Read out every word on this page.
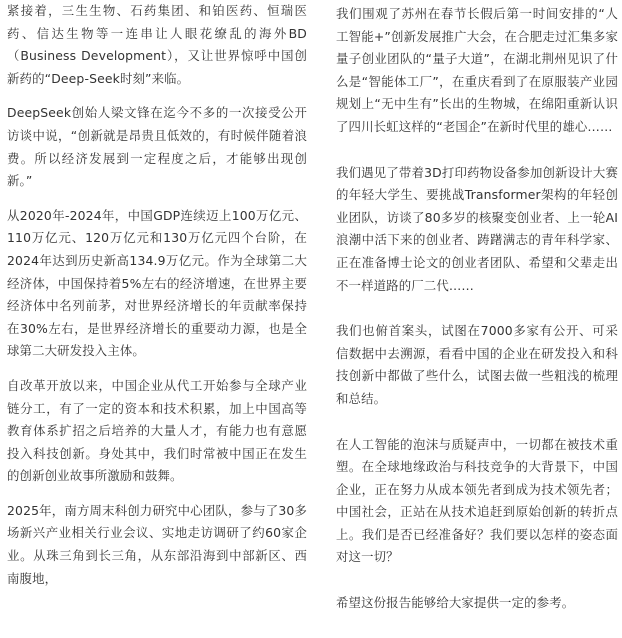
紧接着，三生生物、石药集团、和铂医药、恒瑞医药、信达生物等一连串让人眼花缭乱的海外BD（Business Development），又让世界惊呼中国创新药的“Deep-Seek时刻”来临。

DeepSeek创始人梁文锋在迄今不多的一次接受公开访谈中说，“创新就是昂贵且低效的，有时候伴随着浪费。所以经济发展到一定程度之后，才能够出现创新。”

从2020年-2024年，中国GDP连续迈上100万亿元、110万亿元、120万亿元和130万亿元四个台阶，在2024年达到历史新高134.9万亿元。作为全球第二大经济体，中国保持着5%左右的经济增速，在世界主要经济体中名列前茅，对世界经济增长的年贡献率保持在30%左右，是世界经济增长的重要动力源，也是全球第二大研发投入主体。

自改革开放以来，中国企业从代工开始参与全球产业链分工，有了一定的资本和技术积累，加上中国高等教育体系扩招之后培养的大量人才，有能力也有意愿投入科技创新。身处其中，我们时常被中国正在发生的创新创业故事所激励和鼓舞。

2025年，南方周末科创力研究中心团队，参与了30多场新兴产业相关行业会议、实地走访调研了约60家企业。从珠三角到长三角，从东部沿海到中部新区、西南腹地，

我们围观了苏州在春节长假后第一时间安排的“人工智能+”创新发展推广大会，在合肥走过汇集多家量子创业团队的“量子大道”，在湖北荆州见识了什么是“智能体工厂”，在重庆看到了在原服装产业园规划上“无中生有”长出的生物城，在绵阳重新认识了四川长虹这样的“老国企”在新时代里的雄心……

我们遇见了带着3D打印药物设备参加创新设计大赛的年轻大学生、要挑战Transformer架构的年轻创业团队，访谈了80多岁的核聚变创业者、上一轮AI浪潮中活下来的创业者、踌躇满志的青年科学家、正在准备博士论文的创业者团队、希望和父辈走出不一样道路的厂二代……

我们也俯首案头，试图在7000多家有公开、可采信数据中去溯源，看看中国的企业在研发投入和科技创新中都做了些什么，试图去做一些粗浅的梳理和总结。

在人工智能的泡沫与质疑声中，一切都在被技术重塑。在全球地缘政治与科技竞争的大背景下，中国企业，正在努力从成本领先者到成为技术领先者；中国社会，正站在从技术追赶到原始创新的转折点上。我们是否已经准备好？我们要以怎样的姿态面对这一切？

希望这份报告能够给大家提供一定的参考。
